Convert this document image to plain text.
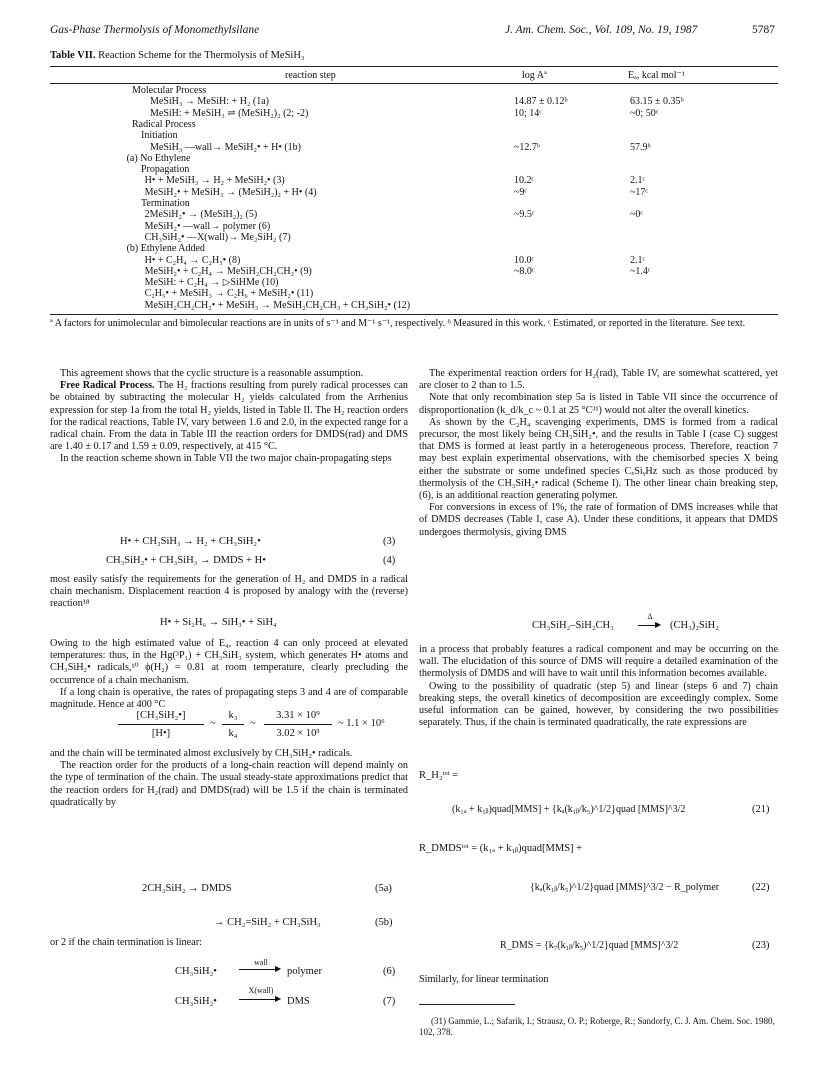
Gas-Phase Thermolysis of Monomethylsilane	J. Am. Chem. Soc., Vol. 109, No. 19, 1987	5787
Table VII. Reaction Scheme for the Thermolysis of MeSiH₃
reaction step	log Aª	Eₐ, kcal mol⁻¹
Molecular Process
MeSiH₃ → MeSiH: + H₂ (1a)	14.87 ± 0.12ᵇ	63.15 ± 0.35ᵇ
MeSiH: + MeSiH₃ ⇌ (MeSiH₂)₂ (2; -2)	10; 14ᶜ	~0; 50ᶜ
Radical Process
Initiation
MeSiH₃ —wall→ MeSiH₂• + H• (1b)	~12.7ᵇ	57.9ᵇ
(a) No Ethylene
Propagation
H• + MeSiH₃ → H₂ + MeSiH₂• (3)	10.2ᶜ	2.1ᶜ
MeSiH₂• + MeSiH₃ → (MeSiH₂)₂ + H• (4)	~9ᶜ	~17ᶜ
Termination
2MeSiH₂• → (MeSiH₂)₂ (5)	~9.5ᶜ	~0ᶜ
MeSiH₂• —wall→ polymer (6)
CH₃SiH₂• —X(wall)→ Me₂SiH₂ (7)
(b) Ethylene Added
H• + C₂H₄ → C₂H₅• (8)	10.0ᶜ	2.1ᶜ
MeSiH₂• + C₂H₄ → MeSiH₂CH₂CH₂• (9)	~8.0ᶜ	~1.4ᶜ
MeSiH: + C₂H₄ → ▷SiHMe (10)
C₂H₅• + MeSiH₃ → C₂H₆ + MeSiH₂• (11)
MeSiH₂CH₂CH₂• + MeSiH₃ → MeSiH₂CH₂CH₃ + CH₃SiH₂• (12)
ª A factors for unimolecular and bimolecular reactions are in units of s⁻¹ and M⁻¹ s⁻¹, respectively. ᵇ Measured in this work. ᶜ Estimated, or reported in the literature. See text.

This agreement shows that the cyclic structure is a reasonable assumption.

Free Radical Process. The H₂ fractions resulting from purely radical processes can be obtained by subtracting the molecular H₂ yields calculated from the Arrhenius expression for step 1a from the total H₂ yields, listed in Table II. The H₂ reaction orders for the radical reactions, Table IV, vary between 1.6 and 2.0, in the expected range for a radical chain. From the data in Table III the reaction orders for DMDS(rad) and DMS are 1.40 ± 0.17 and 1.59 ± 0.09, respectively, at 415 °C.

In the reaction scheme shown in Table VII the two major chain-propagating steps

H• + CH₃SiH₃ → H₂ + CH₃SiH₂•	(3)
CH₃SiH₂• + CH₃SiH₃ → DMDS + H•	(4)

most easily satisfy the requirements for the generation of H₂ and DMDS in a radical chain mechanism. Displacement reaction 4 is proposed by analogy with the (reverse) reaction¹⁸

H• + Si₂H₆ → SiH₃• + SiH₄

Owing to the high estimated value of E₄, reaction 4 can only proceed at elevated temperatures: thus, in the Hg(³P₁) + CH₃SiH₃ system, which generates H• atoms and CH₃SiH₂• radicals,¹⁰ ϕ(H₂) = 0.81 at room temperature, clearly precluding the occurrence of a chain mechanism.

If a long chain is operative, the rates of propagating steps 3 and 4 are of comparable magnitude. Hence at 400 °C

[CH₃SiH₂•]
[H•]
~
k₃
k₄
~
3.31 × 10⁹
3.02 × 10³
~ 1.1 × 10⁶

and the chain will be terminated almost exclusively by CH₃SiH₂• radicals.

The reaction order for the products of a long-chain reaction will depend mainly on the type of termination of the chain. The usual steady-state approximations predict that the reaction orders for H₂(rad) and DMDS(rad) will be 1.5 if the chain is terminated quadratically by

2CH₃SiH₂ → DMDS	(5a)
→ CH₂=SiH₂ + CH₃SiH₃	(5b)

or 2 if the chain termination is linear:

CH₃SiH₂•
wall
▶ polymer	(6)
CH₃SiH₂•
X(wall)
▶ DMS	(7)

The experimental reaction orders for H₂(rad), Table IV, are somewhat scattered, yet are closer to 2 than to 1.5.

Note that only recombination step 5a is listed in Table VII since the occurrence of disproportionation (k_d/k_c ~ 0.1 at 25 °C³¹) would not alter the overall kinetics.

As shown by the C₂H₄ scavenging experiments, DMS is formed from a radical precursor, the most likely being CH₃SiH₂•, and the results in Table I (case C) suggest that DMS is formed at least partly in a heterogeneous process. Therefore, reaction 7 may best explain experimental observations, with the chemisorbed species X being either the substrate or some undefined species CₓSiᵧHz such as those produced by thermolysis of the CH₃SiH₂• radical (Scheme I). The other linear chain breaking step, (6), is an additional reaction generating polymer.

For conversions in excess of 1%, the rate of formation of DMS increases while that of DMDS decreases (Table I, case A). Under these conditions, it appears that DMDS undergoes thermolysis, giving DMS

CH₃SiH₂–SiH₂CH₃
Δ
▶ (CH₃)₂SiH₂

in a process that probably features a radical component and may be occurring on the wall. The elucidation of this source of DMS will require a detailed examination of the thermolysis of DMDS and will have to wait until this information becomes available.

Owing to the possibility of quadratic (step 5) and linear (steps 6 and 7) chain breaking steps, the overall kinetics of decomposition are exceedingly complex. Some useful information can be gained, however, by considering the two possibilities separately. Thus, if the chain is terminated quadratically, the rate expressions are

R_H₂ᵗᵒᵗ =
(k₁ₐ + k₁ᵦ)quad[MMS] + {kₐ(k₁ᵦ/k₅)^1/2}quad [MMS]^3/2	(21)
R_DMDSᵗᵒᵗ = (k₁ₐ + k₁ᵦ)quad[MMS] +
{kₐ(k₁ᵦ/k₅)^1/2}quad [MMS]^3/2 − R_polymer	(22)
R_DMS = {k₇(k₁ᵦ/k₅)^1/2}quad [MMS]^3/2	(23)

Similarly, for linear termination

(31) Gammie, L.; Safarik, I.; Strausz, O. P.; Roberge, R.; Sandorfy, C. J. Am. Chem. Soc. 1980, 102, 378.
